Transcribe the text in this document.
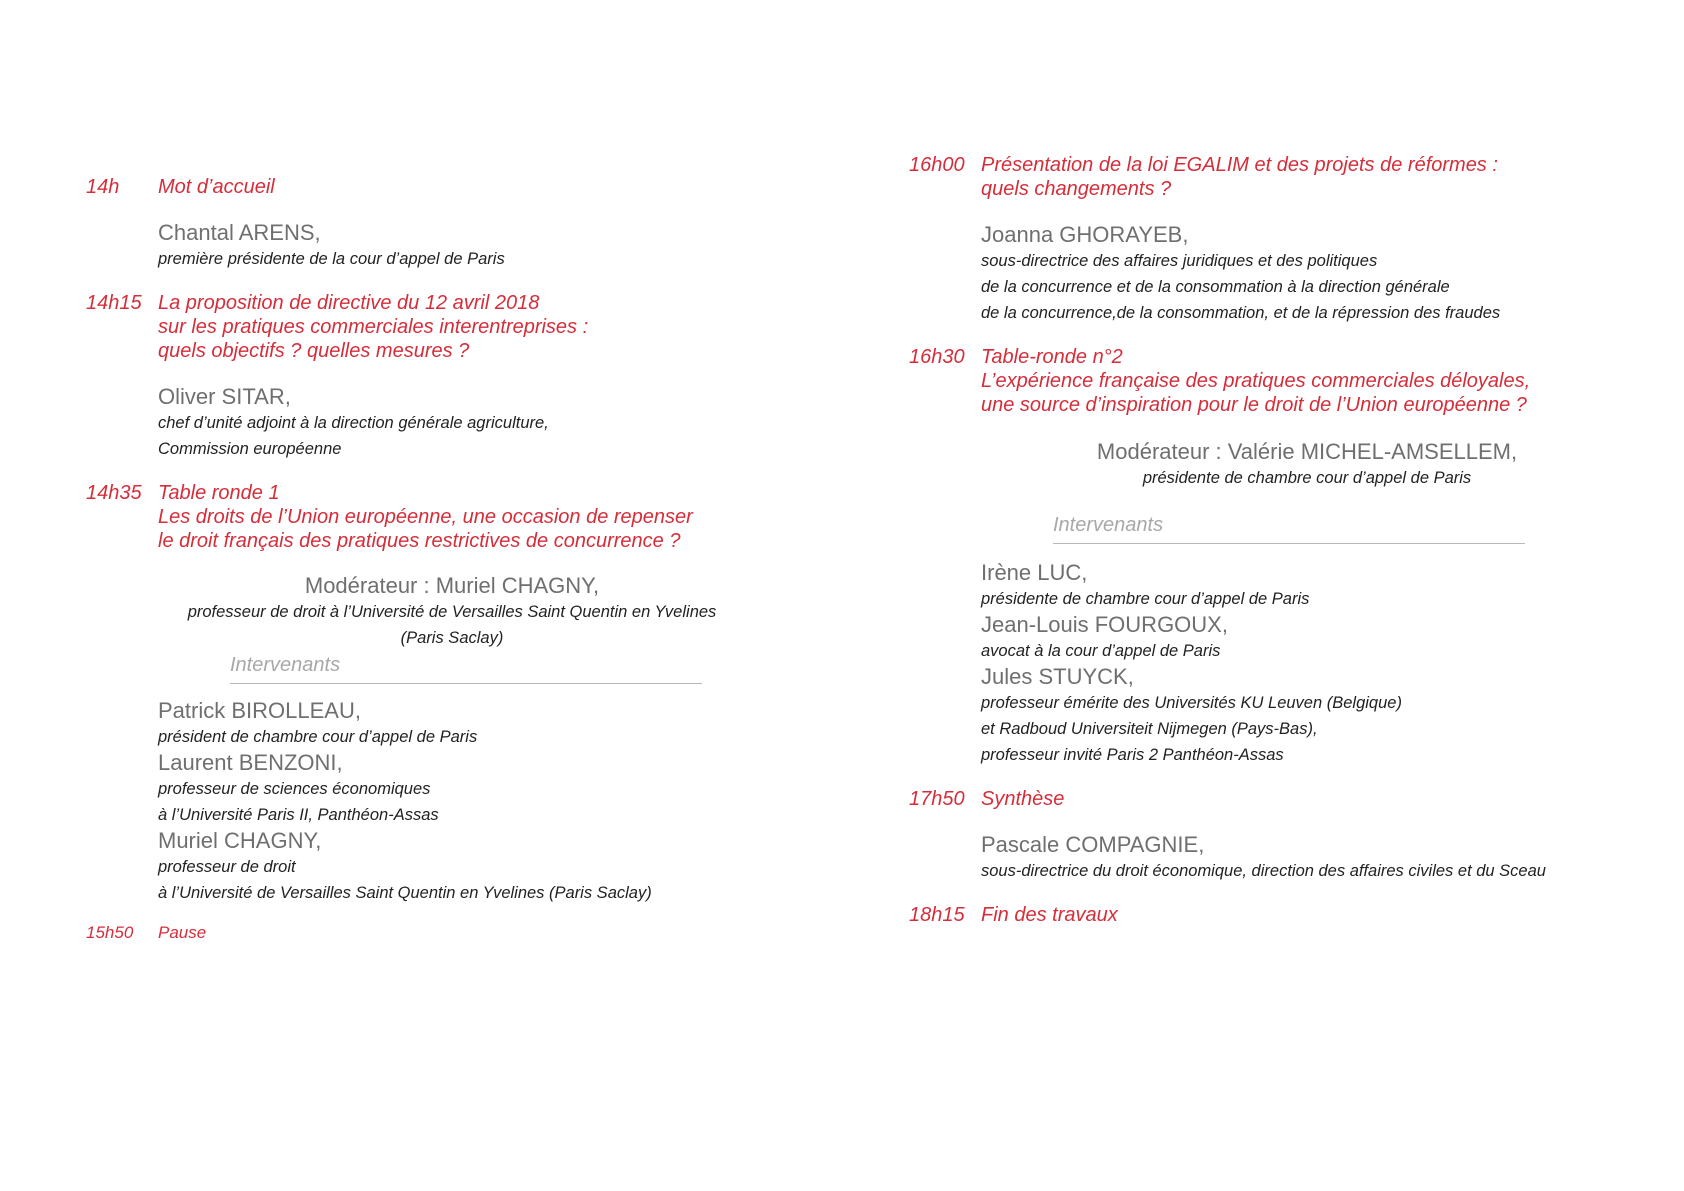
14h	Mot d’accueil
Chantal ARENS,
première présidente de la cour d’appel de Paris
14h15 La proposition de directive du 12 avril 2018
sur les pratiques commerciales interentreprises :
quels objectifs ? quelles mesures ?
Oliver SITAR,
chef d’unité adjoint à la direction générale agriculture,
Commission européenne
14h35 Table ronde 1
Les droits de l’Union européenne, une occasion de repenser
le droit français des pratiques restrictives de concurrence ?
Modérateur : Muriel CHAGNY,
professeur de droit à l’Université de Versailles Saint Quentin en Yvelines
(Paris Saclay)
Intervenants
Patrick BIROLLEAU,
président de chambre cour d’appel de Paris
Laurent BENZONI,
professeur de sciences économiques
à l’Université Paris II, Panthéon-Assas
Muriel CHAGNY,
professeur de droit
à l’Université de Versailles Saint Quentin en Yvelines (Paris Saclay)
15h50	Pause
16h00 Présentation de la loi EGALIM et des projets de réformes :
quels changements ?
Joanna GHORAYEB,
sous-directrice des affaires juridiques et des politiques
de la concurrence et de la consommation à la direction générale
de la concurrence,de la consommation, et de la répression des fraudes
16h30 Table-ronde n°2
L’expérience française des pratiques commerciales déloyales,
une source d’inspiration pour le droit de l’Union européenne ?
Modérateur : Valérie MICHEL-AMSELLEM,
présidente de chambre cour d’appel de Paris
Intervenants
Irène LUC,
présidente de chambre cour d’appel de Paris
Jean-Louis FOURGOUX,
avocat à la cour d’appel de Paris
Jules STUYCK,
professeur émérite des Universités KU Leuven (Belgique)
et Radboud Universiteit Nijmegen (Pays-Bas),
professeur invité Paris 2 Panthéon-Assas
17h50 Synthèse
Pascale COMPAGNIE,
sous-directrice du droit économique, direction des affaires civiles et du Sceau
18h15 Fin des travaux
